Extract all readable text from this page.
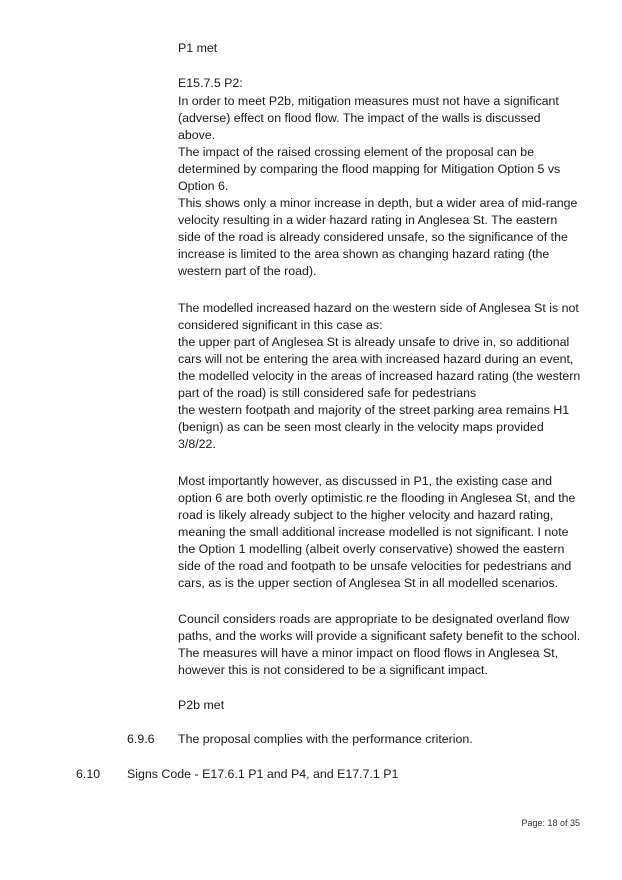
P1 met
E15.7.5 P2:
In order to meet P2b, mitigation measures must not have a significant
(adverse) effect on flood flow. The impact of the walls is discussed
above.
The impact of the raised crossing element of the proposal can be
determined by comparing the flood mapping for Mitigation Option 5 vs
Option 6.
This shows only a minor increase in depth, but a wider area of mid-range
velocity resulting in a wider hazard rating in Anglesea St. The eastern
side of the road is already considered unsafe, so the significance of the
increase is limited to the area shown as changing hazard rating (the
western part of the road).
The modelled increased hazard on the western side of Anglesea St is not
considered significant in this case as:
the upper part of Anglesea St is already unsafe to drive in, so additional
cars will not be entering the area with increased hazard during an event,
the modelled velocity in the areas of increased hazard rating (the western
part of the road) is still considered safe for pedestrians
the western footpath and majority of the street parking area remains H1
(benign) as can be seen most clearly in the velocity maps provided
3/8/22.
Most importantly however, as discussed in P1, the existing case and
option 6 are both overly optimistic re the flooding in Anglesea St, and the
road is likely already subject to the higher velocity and hazard rating,
meaning the small additional increase modelled is not significant. I note
the Option 1 modelling (albeit overly conservative) showed the eastern
side of the road and footpath to be unsafe velocities for pedestrians and
cars, as is the upper section of Anglesea St in all modelled scenarios.
Council considers roads are appropriate to be designated overland flow
paths, and the works will provide a significant safety benefit to the school.
The measures will have a minor impact on flood flows in Anglesea St,
however this is not considered to be a significant impact.
P2b met
6.9.6 The proposal complies with the performance criterion.
6.10 Signs Code - E17.6.1 P1 and P4, and E17.7.1 P1
Page: 18 of 35
